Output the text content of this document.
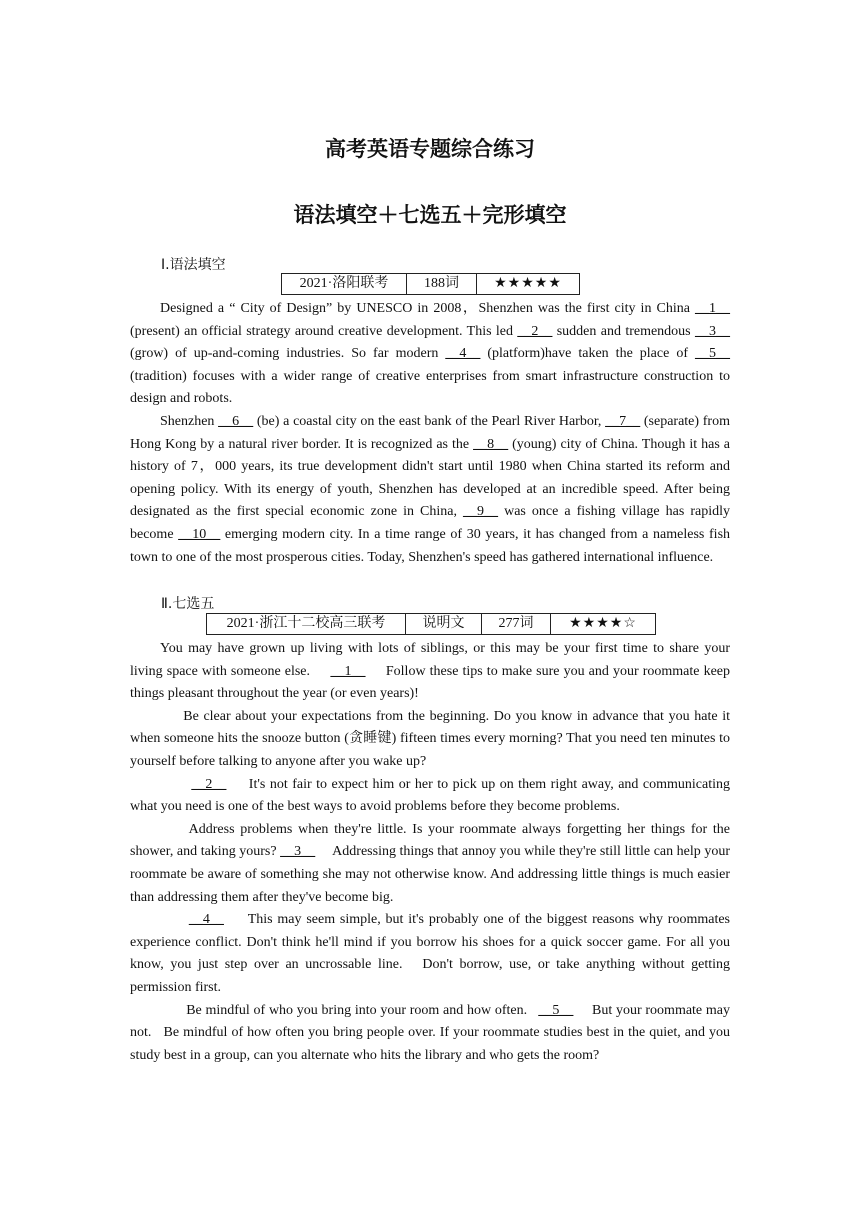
高考英语专题综合练习
语法填空＋七选五＋完形填空
Ⅰ.语法填空
2021·洛阳联考	188词	★★★★★

Designed a “ City of Design” by UNESCO in 2008，Shenzhen was the first city in China __1__ (present) an official strategy around creative development. This led __2__ sudden and tremendous __3__ (grow) of up-and-coming industries. So far modern __4__ (platform)have taken the place of __5__ (tradition) focuses with a wider range of creative enterprises from smart infrastructure construction to design and robots.

Shenzhen __6__ (be) a coastal city on the east bank of the Pearl River Harbor, __7__ (separate) from Hong Kong by a natural river border. It is recognized as the __8__ (young) city of China. Though it has a history of 7，000 years, its true development didn't start until 1980 when China started its reform and opening policy. With its energy of youth, Shenzhen has developed at an incredible speed. After being designated as the first special economic zone in China, __9__ was once a fishing village has rapidly become __10__ emerging modern city. In a time range of 30 years, it has changed from a nameless fish town to one of the most prosperous cities. Today, Shenzhen's speed has gathered international influence.

Ⅱ.七选五
2021·浙江十二校高三联考	说明文	277词	★★★★☆

You may have grown up living with lots of siblings, or this may be your first time to share your living space with someone else.     __1__     Follow these tips to make sure you and your roommate keep things pleasant throughout the year (or even years)!

Be clear about your expectations from the beginning. Do you know in advance that you hate it when someone hits the snooze button (贪睡键) fifteen times every morning? That you need ten minutes to yourself before talking to anyone after you wake up?

__2__     It's not fair to expect him or her to pick up on them right away, and communicating what you need is one of the best ways to avoid problems before they become problems.

Address problems when they're little. Is your roommate always forgetting her things for the shower, and taking yours? __3__     Addressing things that annoy you while they're still little can help your roommate be aware of something she may not otherwise know. And addressing little things is much easier than addressing them after they've become big.

__4__     This may seem simple, but it's probably one of the biggest reasons why roommates experience conflict. Don't think he'll mind if you borrow his shoes for a quick soccer game. For all you know, you just step over an uncrossable line.   Don't borrow, use, or take anything without getting permission first.

Be mindful of who you bring into your room and how often.   __5__     But your roommate may not.   Be mindful of how often you bring people over. If your roommate studies best in the quiet, and you study best in a group, can you alternate who hits the library and who gets the room?
